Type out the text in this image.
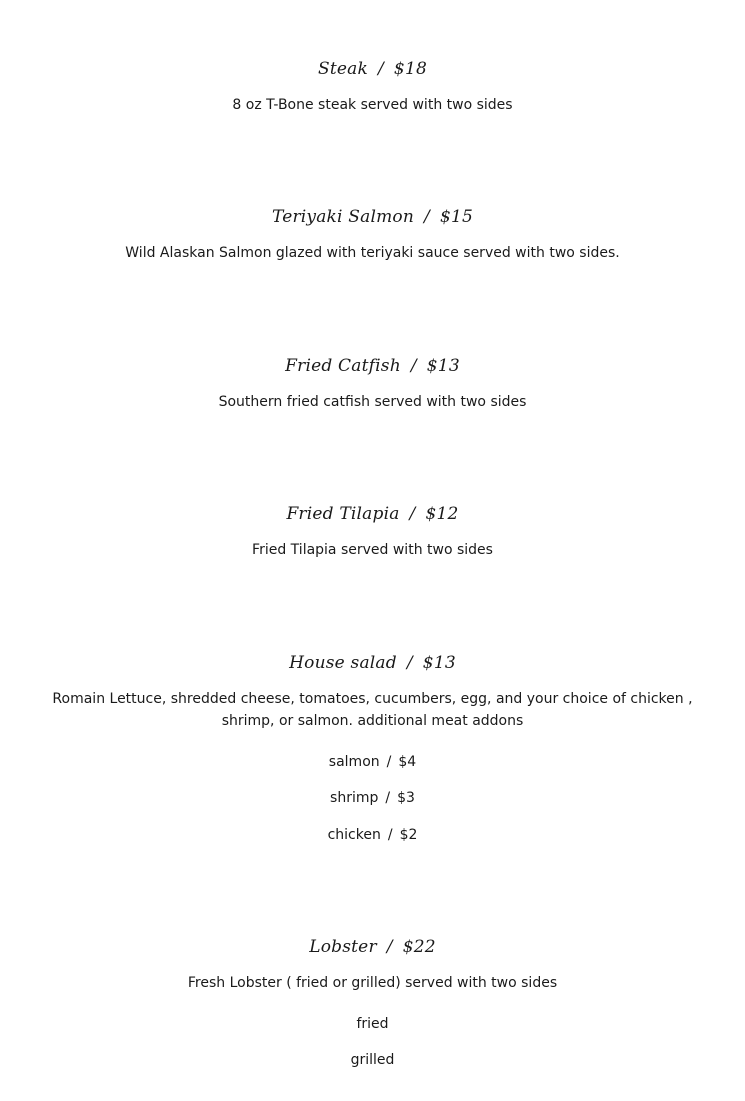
Steak / $18
8 oz T-Bone steak served with two sides
Teriyaki Salmon / $15
Wild Alaskan Salmon glazed with teriyaki sauce served with two sides.
Fried Catfish / $13
Southern fried catfish served with two sides
Fried Tilapia / $12
Fried Tilapia served with two sides
House salad / $13
Romain Lettuce, shredded cheese, tomatoes, cucumbers, egg, and your choice of chicken , shrimp, or salmon. additional meat addons
salmon / $4
shrimp / $3
chicken / $2
Lobster / $22
Fresh Lobster ( fried or grilled) served with two sides
fried
grilled
